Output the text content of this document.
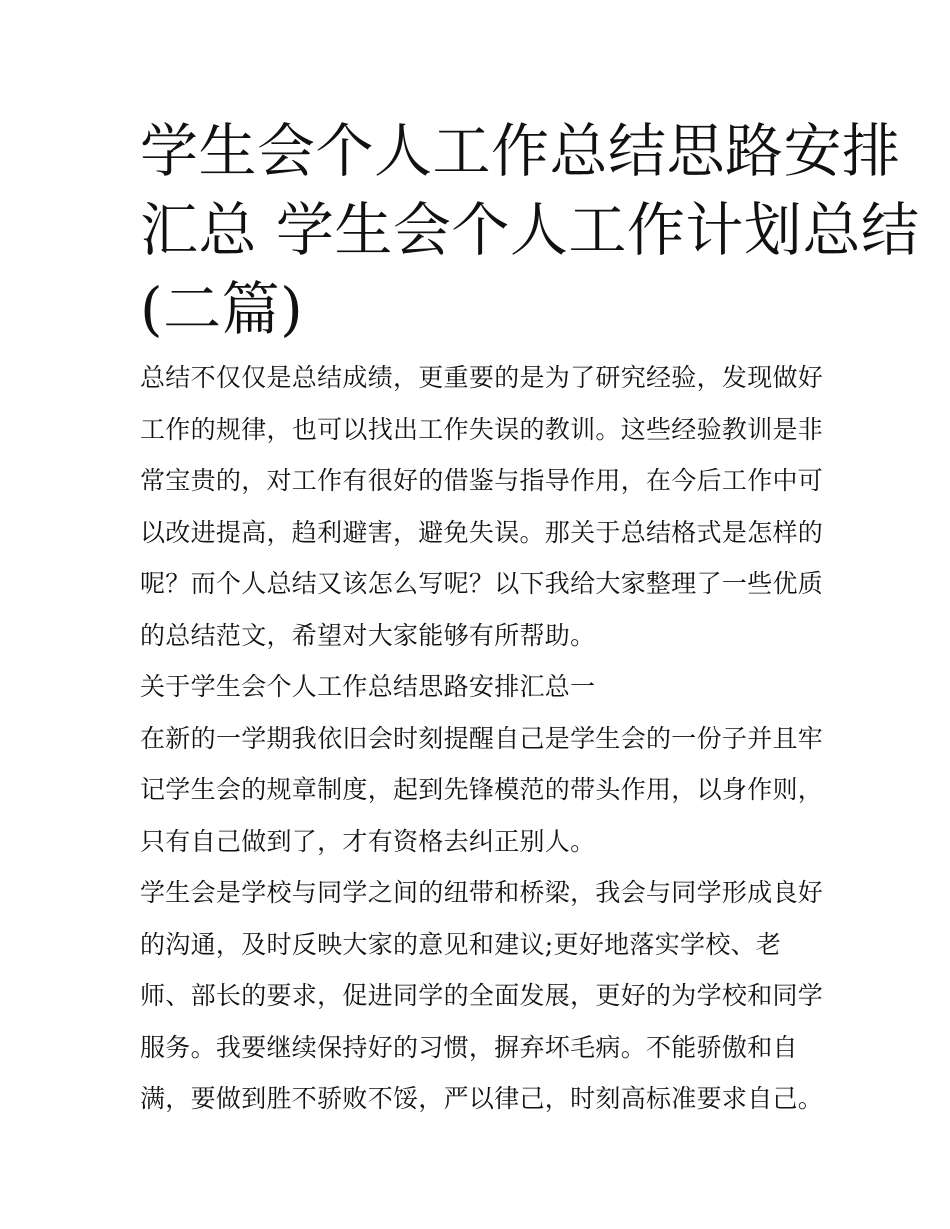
学生会个人工作总结思路安排
汇总 学生会个人工作计划总结
(二篇)
总结不仅仅是总结成绩，更重要的是为了研究经验，发现做好
工作的规律，也可以找出工作失误的教训。这些经验教训是非
常宝贵的，对工作有很好的借鉴与指导作用，在今后工作中可
以改进提高，趋利避害，避免失误。那关于总结格式是怎样的
呢？而个人总结又该怎么写呢？以下我给大家整理了一些优质
的总结范文，希望对大家能够有所帮助。
关于学生会个人工作总结思路安排汇总一
在新的一学期我依旧会时刻提醒自己是学生会的一份子并且牢
记学生会的规章制度，起到先锋模范的带头作用，以身作则，
只有自己做到了，才有资格去纠正别人。
学生会是学校与同学之间的纽带和桥梁，我会与同学形成良好
的沟通，及时反映大家的意见和建议;更好地落实学校、老
师、部长的要求，促进同学的全面发展，更好的为学校和同学
服务。我要继续保持好的习惯，摒弃坏毛病。不能骄傲和自
满，要做到胜不骄败不馁，严以律己，时刻高标准要求自己。
